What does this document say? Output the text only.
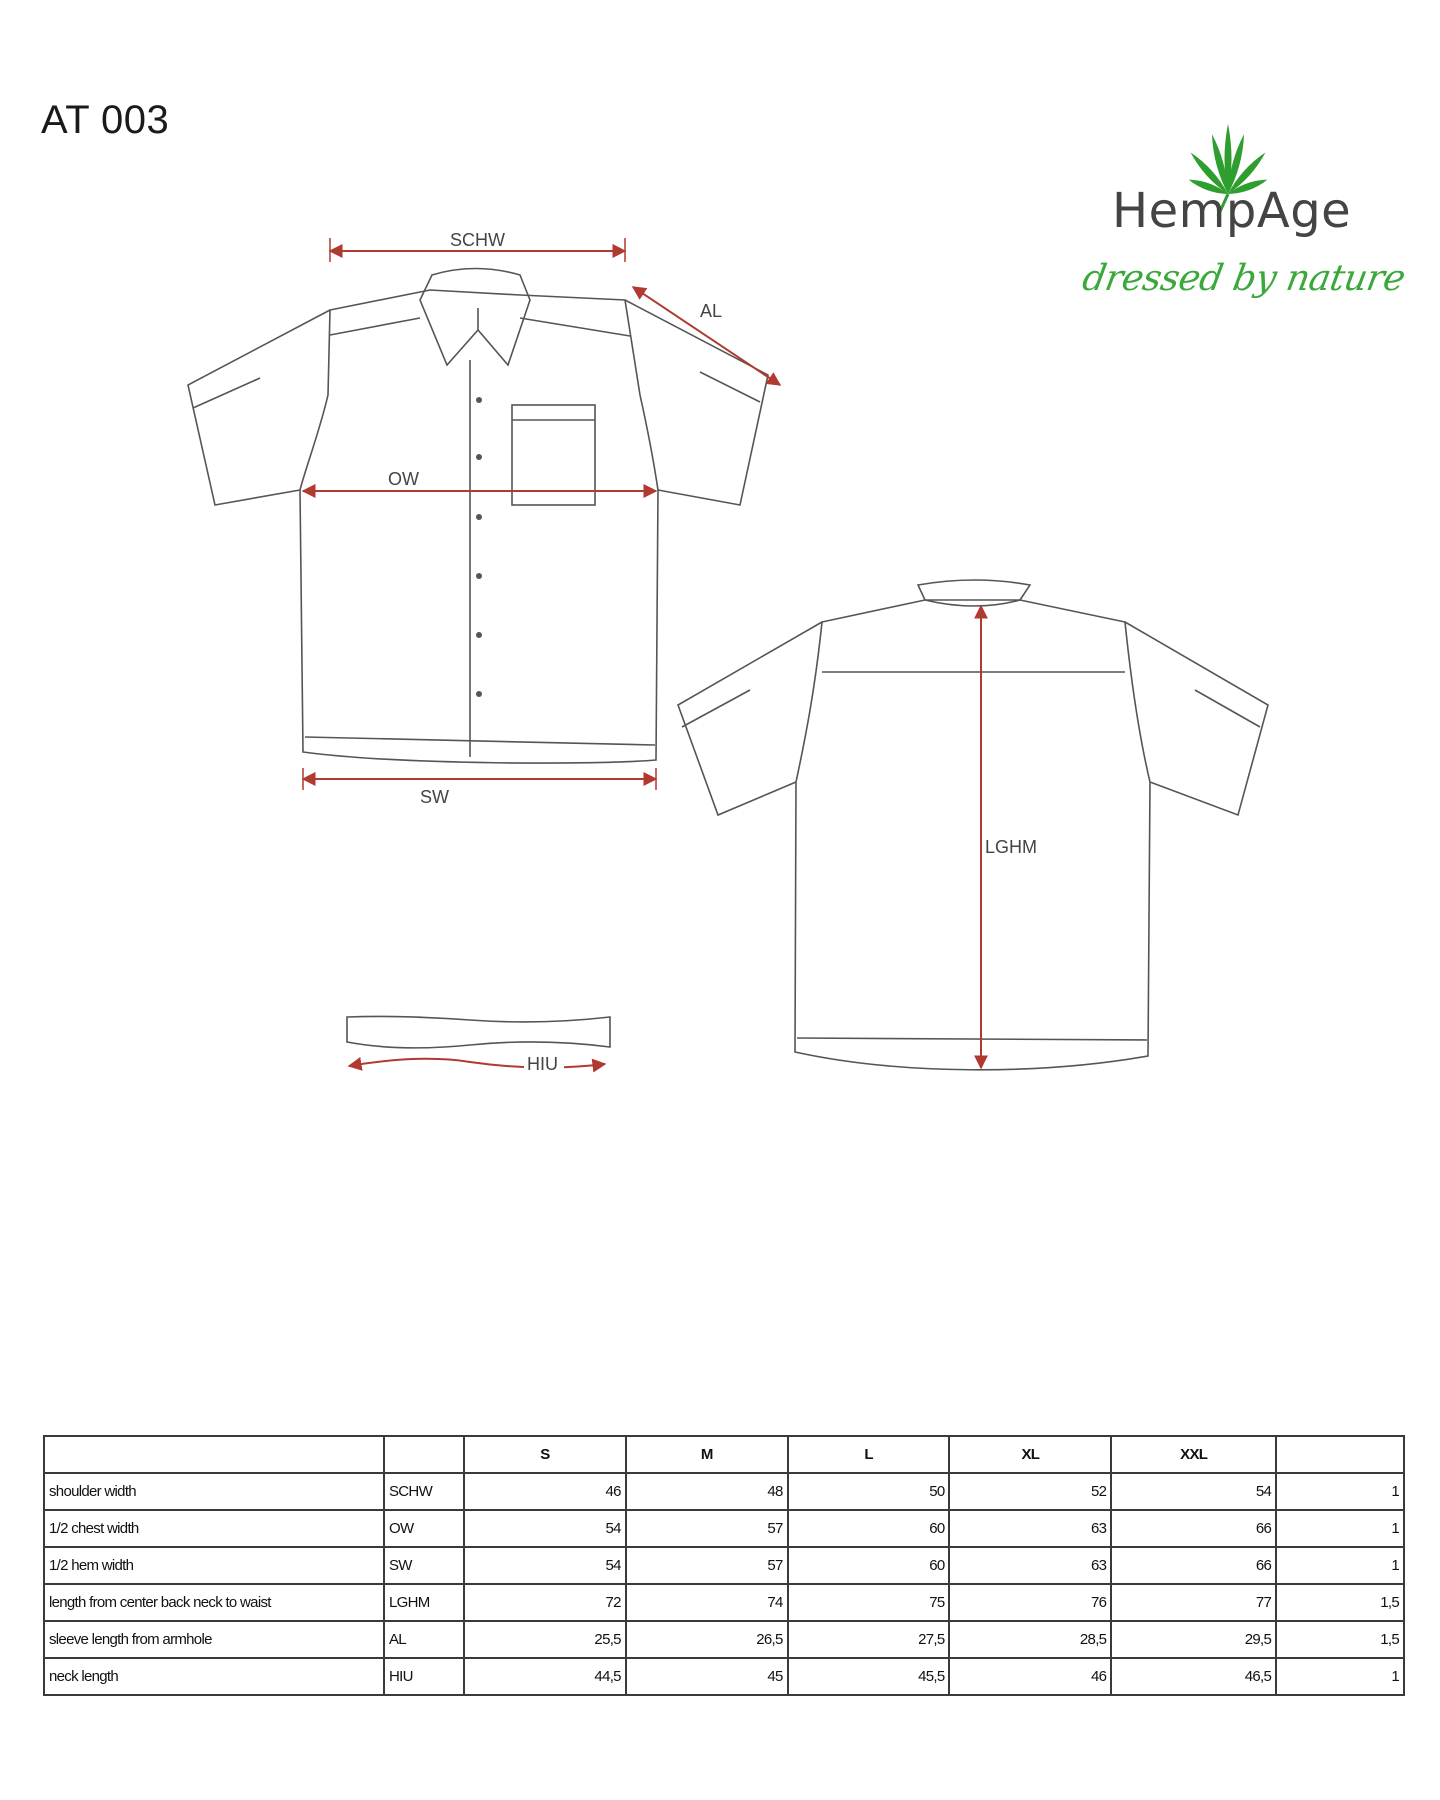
AT 003
HempAge
dressed by nature
SCHW
AL
OW
SW
LGHM
HIU
		S	M	L	XL	XXL	
shoulder width	SCHW	46	48	50	52	54	1
1/2 chest width	OW	54	57	60	63	66	1
1/2 hem width	SW	54	57	60	63	66	1
length from center back neck to waist	LGHM	72	74	75	76	77	1,5
sleeve length from armhole	AL	25,5	26,5	27,5	28,5	29,5	1,5
neck length	HIU	44,5	45	45,5	46	46,5	1
